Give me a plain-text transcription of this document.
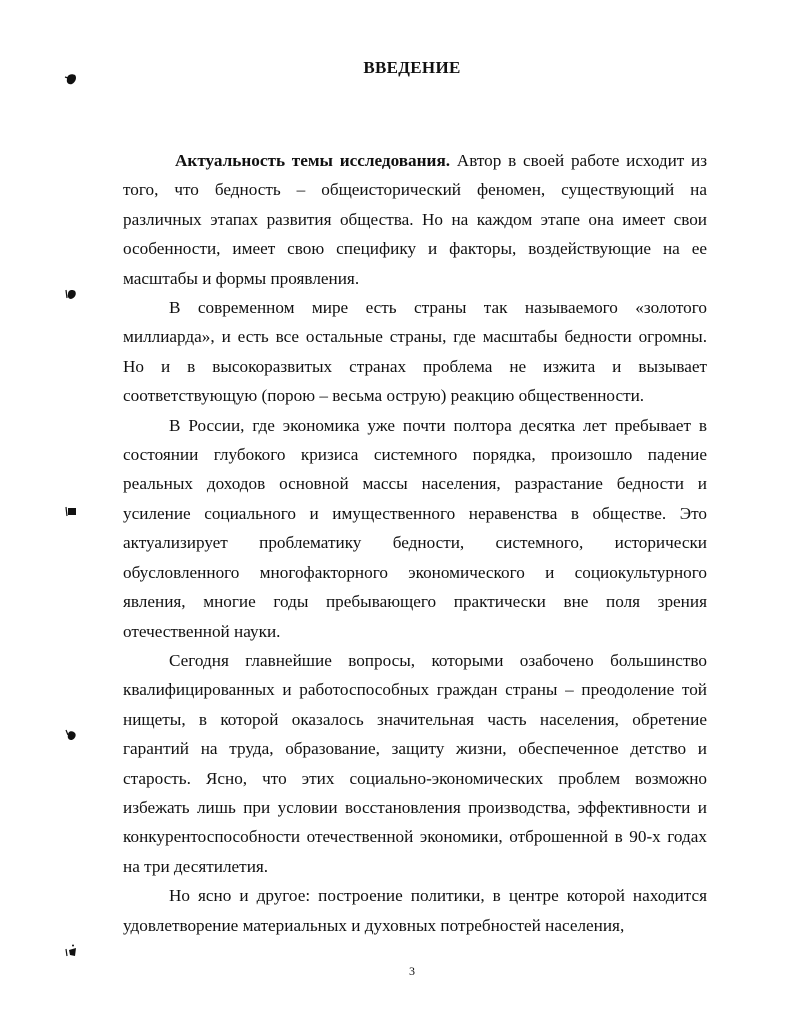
ВВЕДЕНИЕ

Актуальность темы исследования. Автор в своей работе исходит из того, что бедность – общеисторический феномен, существующий на различных этапах развития общества. Но на каждом этапе она имеет свои особенности, имеет свою специфику и факторы, воздействующие на ее масштабы и формы проявления.

В современном мире есть страны так называемого «золотого миллиарда», и есть все остальные страны, где масштабы бедности огромны. Но и в высокоразвитых странах проблема не изжита и вызывает соответствующую (порою – весьма острую) реакцию общественности.

В России, где экономика уже почти полтора десятка лет пребывает в состоянии глубокого кризиса системного порядка, произошло падение реальных доходов основной массы населения, разрастание бедности и усиление социального и имущественного неравенства в обществе. Это актуализирует проблематику бедности, системного, исторически обусловленного многофакторного экономического и социокультурного явления, многие годы пребывающего практически вне поля зрения отечественной науки.

Сегодня главнейшие вопросы, которыми озабочено большинство квалифицированных и работоспособных граждан страны – преодоление той нищеты, в которой оказалось значительная часть населения, обретение гарантий на труда, образование, защиту жизни, обеспеченное детство и старость. Ясно, что этих социально-экономических проблем возможно избежать лишь при условии восстановления производства, эффективности и конкурентоспособности отечественной экономики, отброшенной в 90-х годах на три десятилетия.

Но ясно и другое: построение политики, в центре которой находится удовлетворение материальных и духовных потребностей населения,

3
